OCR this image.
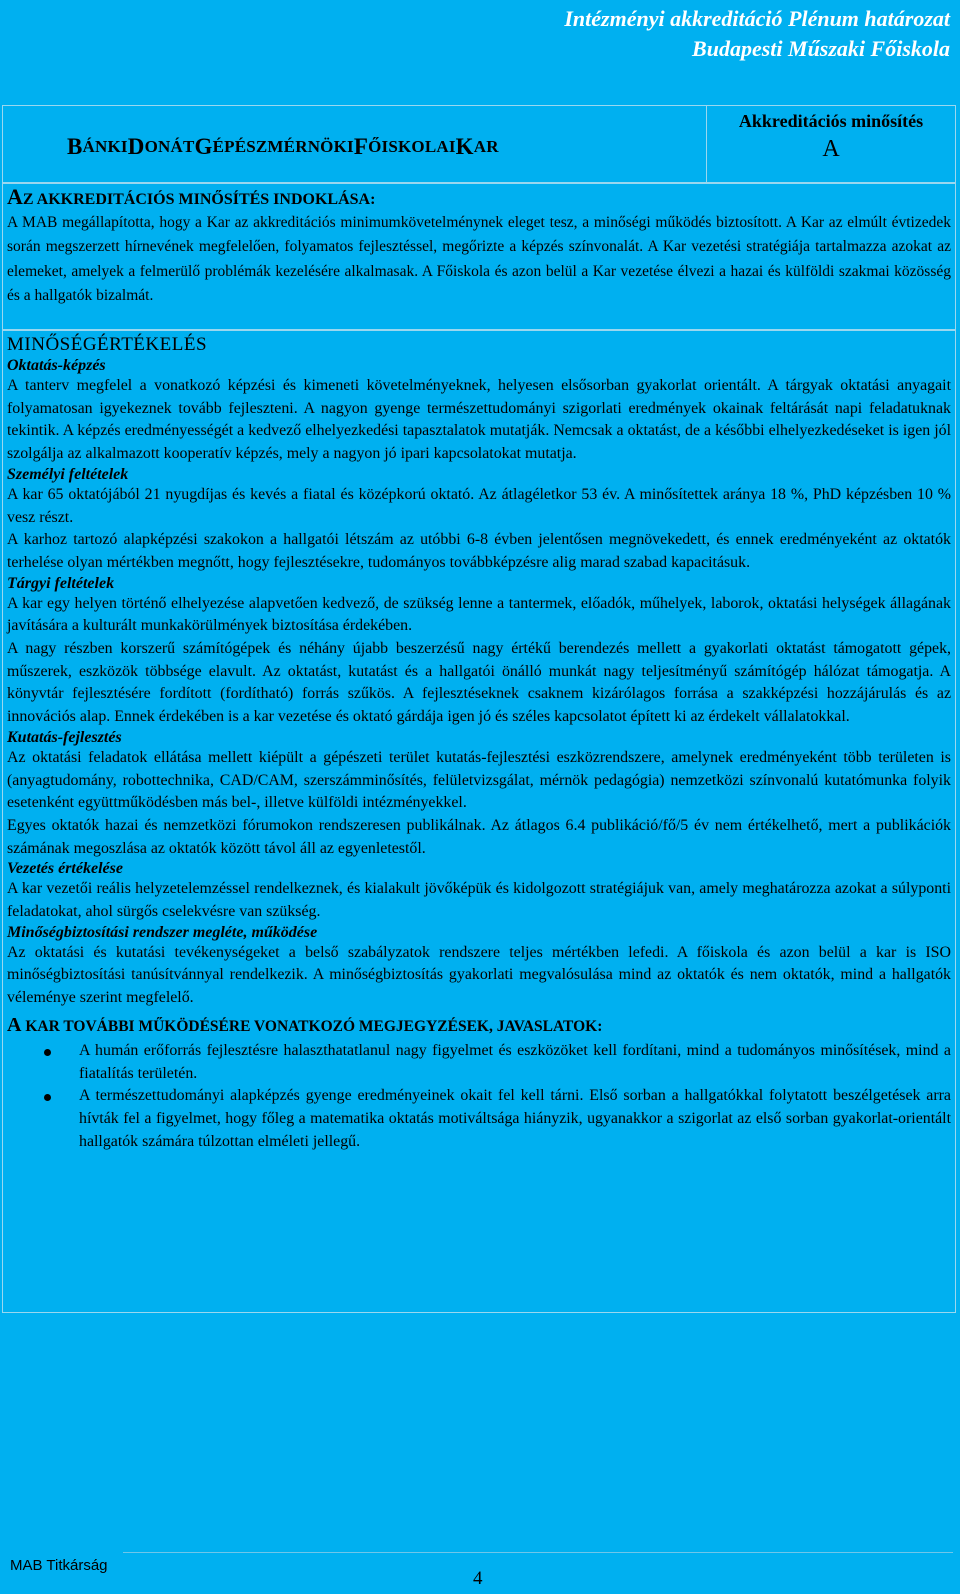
Intézményi akkreditáció Plénum határozat
Budapesti Műszaki Főiskola
B ÁNKI D ONÁT G ÉPÉSZMÉRNÖKI F ŐISKOLAI K AR
Akkreditációs minősítés
A
AZ AKKREDITÁCIÓS MINŐSÍTÉS INDOKLÁSA:

A MAB megállapította, hogy a Kar az akkreditációs minimumkövetelménynek eleget tesz, a minőségi működés biztosított. A Kar az elmúlt évtizedek során megszerzett hírnevének megfelelően, folyamatos fejlesztéssel, megőrizte a képzés színvonalát. A Kar vezetési stratégiája tartalmazza azokat az elemeket, amelyek a felmerülő problémák kezelésére alkalmasak. A Főiskola és azon belül a Kar vezetése élvezi a hazai és külföldi szakmai közösség és a hallgatók bizalmát.

MINŐSÉGÉRTÉKELÉS
Oktatás-képzés

A tanterv megfelel a vonatkozó képzési és kimeneti követelményeknek, helyesen elsősorban gyakorlat orientált. A tárgyak oktatási anyagait folyamatosan igyekeznek tovább fejleszteni. A nagyon gyenge természettudományi szigorlati eredmények okainak feltárását napi feladatuknak tekintik. A képzés eredményességét a kedvező elhelyezkedési tapasztalatok mutatják. Nemcsak a oktatást, de a későbbi elhelyezkedéseket is igen jól szolgálja az alkalmazott kooperatív képzés, mely a nagyon jó ipari kapcsolatokat mutatja.

Személyi feltételek

A kar 65 oktatójából 21 nyugdíjas és kevés a fiatal és középkorú oktató. Az átlagéletkor 53 év. A minősítettek aránya 18 %, PhD képzésben 10 % vesz részt.

A karhoz tartozó alapképzési szakokon a hallgatói létszám az utóbbi 6-8 évben jelentősen megnövekedett, és ennek eredményeként az oktatók terhelése olyan mértékben megnőtt, hogy fejlesztésekre, tudományos továbbképzésre alig marad szabad kapacitásuk.

Tárgyi feltételek

A kar egy helyen történő elhelyezése alapvetően kedvező, de szükség lenne a tantermek, előadók, műhelyek, laborok, oktatási helységek állagának javítására a kulturált munkakörülmények biztosítása érdekében.

A nagy részben korszerű számítógépek és néhány újabb beszerzésű nagy értékű berendezés mellett a gyakorlati oktatást támogatott gépek, műszerek, eszközök többsége elavult. Az oktatást, kutatást és a hallgatói önálló munkát nagy teljesítményű számítógép hálózat támogatja. A könyvtár fejlesztésére fordított (fordítható) forrás szűkös. A fejlesztéseknek csaknem kizárólagos forrása a szakképzési hozzájárulás és az innovációs alap. Ennek érdekében is a kar vezetése és oktató gárdája igen jó és széles kapcsolatot épített ki az érdekelt vállalatokkal.

Kutatás-fejlesztés

Az oktatási feladatok ellátása mellett kiépült a gépészeti terület kutatás-fejlesztési eszközrendszere, amelynek eredményeként több területen is (anyagtudomány, robottechnika, CAD/CAM, szerszámminősítés, felületvizsgálat, mérnök pedagógia) nemzetközi színvonalú kutatómunka folyik esetenként együttműködésben más bel-, illetve külföldi intézményekkel.

Egyes oktatók hazai és nemzetközi fórumokon rendszeresen publikálnak. Az átlagos 6.4 publikáció/fő/5 év nem értékelhető, mert a publikációk számának megoszlása az oktatók között távol áll az egyenletestől.

Vezetés értékelése

A kar vezetői reális helyzetelemzéssel rendelkeznek, és kialakult jövőképük és kidolgozott stratégiájuk van, amely meghatározza azokat a súlyponti feladatokat, ahol sürgős cselekvésre van szükség.

Minőségbiztosítási rendszer megléte, működése

Az oktatási és kutatási tevékenységeket a belső szabályzatok rendszere teljes mértékben lefedi. A főiskola és azon belül a kar is ISO minőségbiztosítási tanúsítvánnyal rendelkezik. A minőségbiztosítás gyakorlati megvalósulása mind az oktatók és nem oktatók, mind a hallgatók véleménye szerint megfelelő.

A KAR TOVÁBBI MŰKÖDÉSÉRE VONATKOZÓ MEGJEGYZÉSEK, JAVASLATOK:
A humán erőforrás fejlesztésre halaszthatatlanul nagy figyelmet és eszközöket kell fordítani, mind a tudományos minősítések, mind a fiatalítás területén.
A természettudományi alapképzés gyenge eredményeinek okait fel kell tárni. Első sorban a hallgatókkal folytatott beszélgetések arra hívták fel a figyelmet, hogy főleg a matematika oktatás motiváltsága hiányzik, ugyanakkor a szigorlat az első sorban gyakorlat-orientált hallgatók számára túlzottan elméleti jellegű.
MAB Titkárság
4
